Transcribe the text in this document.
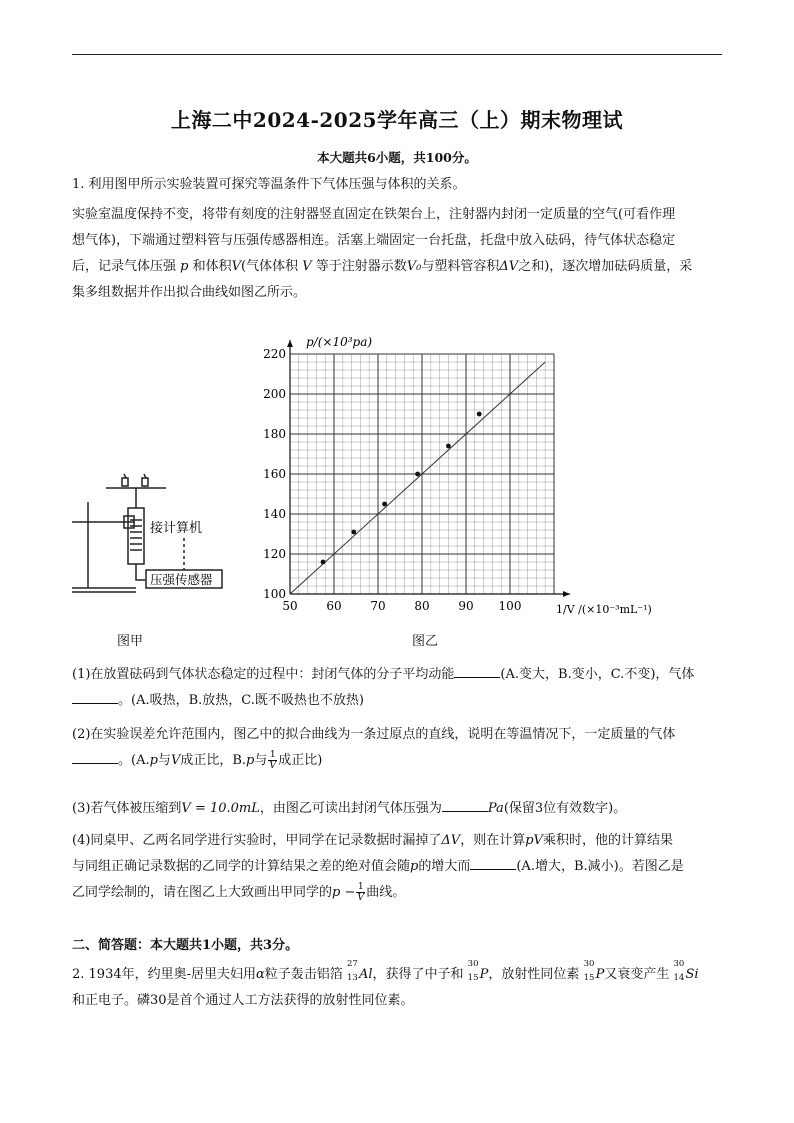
上海二中2024-2025学年高三（上）期末物理试
本大题共6小题，共100分。
1. 利用图甲所示实验装置可探究等温条件下气体压强与体积的关系。
实验室温度保持不变，将带有刻度的注射器竖直固定在铁架台上，注射器内封闭一定质量的空气(可看作理
想气体)，下端通过塑料管与压强传感器相连。活塞上端固定一台托盘，托盘中放入砝码，待气体状态稳定
后，记录气体压强 p 和体积V(气体体积 V 等于注射器示数V₀与塑料管容积ΔV之和)，逐次增加砝码质量，采
集多组数据并作出拟合曲线如图乙所示。
接计算机
压强传感器
图甲
50 60 70 80 90 100
100
120
140
160
180
200
220
p/(×10³pa)
1/V /(×10⁻³mL⁻¹)
图乙
(1)在放置砝码到气体状态稳定的过程中：封闭气体的分子平均动能	(A.变大，B.变小，C.不变)，气体
。(A.吸热，B.放热，C.既不吸热也不放热)
(2)在实验误差允许范围内，图乙中的拟合曲线为一条过原点的直线，说明在等温情况下，一定质量的气体
。(A.p与V成正比，B.p与 $\frac{1}{V}$ 成正比)
(3)若气体被压缩到V = 10.0mL，由图乙可读出封闭气体压强为	Pa(保留3位有效数字)。
(4)同桌甲、乙两名同学进行实验时，甲同学在记录数据时漏掉了ΔV，则在计算pV乘积时，他的计算结果
与同组正确记录数据的乙同学的计算结果之差的绝对值会随p的增大而	(A.增大，B.减小)。若图乙是
乙同学绘制的，请在图乙上大致画出甲同学的$p - \frac{1}{V}$ 曲线。
二、简答题：本大题共1小题，共3分。
2. 1934年，约里奥-居里夫妇用α粒子轰击铝箔
27
13 Al，获得了中子和
30
15 P，放射性同位素
30
15 P又衰变产生
30
14 Si
和正电子。磷30是首个通过人工方法获得的放射性同位素。
